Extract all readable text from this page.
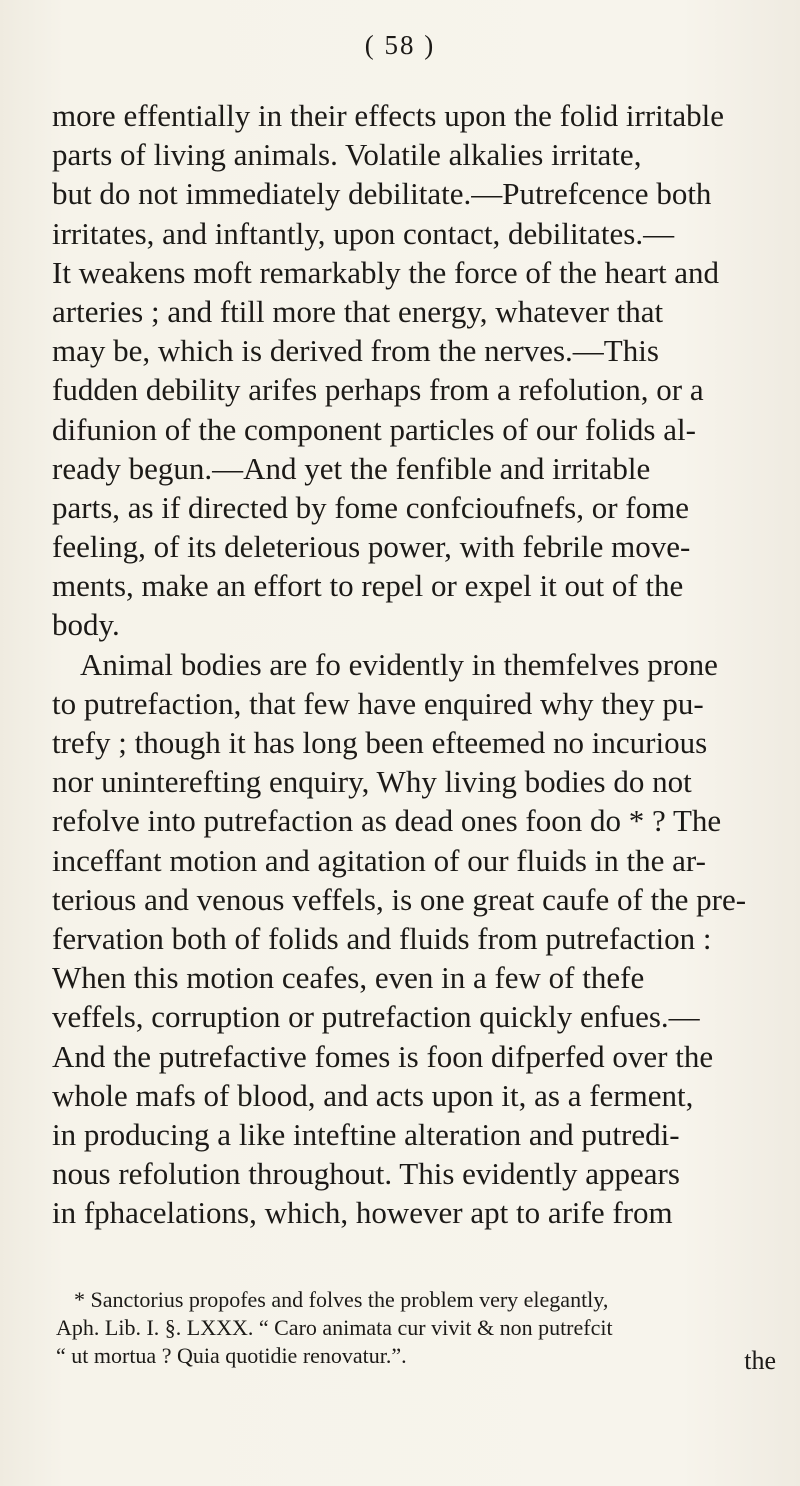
( 58 )
more effentially in their effects upon the folid irritable
parts of living animals. Volatile alkalies irritate,
but do not immediately debilitate.—Putrefcence both
irritates, and inftantly, upon contact, debilitates.—
It weakens moft remarkably the force of the heart and
arteries ; and ftill more that energy, whatever that
may be, which is derived from the nerves.—This
fudden debility arifes perhaps from a refolution, or a
difunion of the component particles of our folids al-
ready begun.—And yet the fenfible and irritable
parts, as if directed by fome confcioufnefs, or fome
feeling, of its deleterious power, with febrile move-
ments, make an effort to repel or expel it out of the
body.
Animal bodies are fo evidently in themfelves prone
to putrefaction, that few have enquired why they pu-
trefy ; though it has long been efteemed no incurious
nor uninterefting enquiry, Why living bodies do not
refolve into putrefaction as dead ones foon do * ? The
inceffant motion and agitation of our fluids in the ar-
terious and venous veffels, is one great caufe of the pre-
fervation both of folids and fluids from putrefaction :
When this motion ceafes, even in a few of thefe
veffels, corruption or putrefaction quickly enfues.—
And the putrefactive fomes is foon difperfed over the
whole mafs of blood, and acts upon it, as a ferment,
in producing a like inteftine alteration and putredi-
nous refolution throughout. This evidently appears
in fphacelations, which, however apt to arife from
* Sanctorius propofes and folves the problem very elegantly,
Aph. Lib. I. §. LXXX. “ Caro animata cur vivit & non putrefcit
“ ut mortua ? Quia quotidie renovatur.”.	the
